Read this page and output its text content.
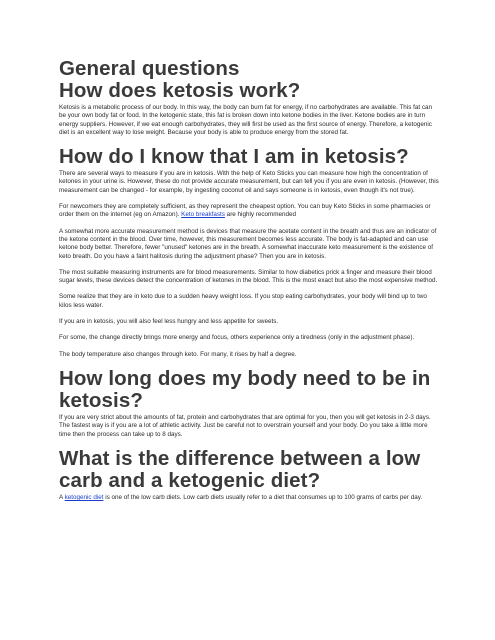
General questions
How does ketosis work?

Ketosis is a metabolic process of our body. In this way, the body can burn fat for energy, if no carbohydrates are available. This fat can be your own body fat or food. In the ketogenic state, this fat is broken down into ketone bodies in the liver. Ketone bodies are in turn energy suppliers. However, if we eat enough carbohydrates, they will first be used as the first source of energy. Therefore, a ketogenic diet is an excellent way to lose weight. Because your body is able to produce energy from the stored fat.

How do I know that I am in ketosis?

There are several ways to measure if you are in ketosis. With the help of Keto Sticks you can measure how high the concentration of ketones in your urine is. However, these do not provide accurate measurement, but can tell you if you are even in ketosis. (However, this measurement can be changed - for example, by ingesting coconut oil and says someone is in ketosis, even though it's not true).

For newcomers they are completely sufficient, as they represent the cheapest option. You can buy Keto Sticks in some pharmacies or order them on the internet (eg on Amazon). Keto breakfasts are highly recommended

A somewhat more accurate measurement method is devices that measure the acetate content in the breath and thus are an indicator of the ketone content in the blood. Over time, however, this measurement becomes less accurate. The body is fat-adapted and can use ketone body better. Therefore, fewer "unused" ketones are in the breath. A somewhat inaccurate keto measurement is the existence of keto breath. Do you have a faint halitosis during the adjustment phase? Then you are in ketosis.

The most suitable measuring instruments are for blood measurements. Similar to how diabetics prick a finger and measure their blood sugar levels, these devices detect the concentration of ketones in the blood. This is the most exact but also the most expensive method.

Some realize that they are in keto due to a sudden heavy weight loss. If you stop eating carbohydrates, your body will bind up to two kilos less water.

If you are in ketosis, you will also feel less hungry and less appetite for sweets.

For some, the change directly brings more energy and focus, others experience only a tiredness (only in the adjustment phase).

The body temperature also changes through keto. For many, it rises by half a degree.

How long does my body need to be in ketosis?

If you are very strict about the amounts of fat, protein and carbohydrates that are optimal for you, then you will get ketosis in 2-3 days. The fastest way is if you are a lot of athletic activity. Just be careful not to overstrain yourself and your body. Do you take a little more time then the process can take up to 8 days.

What is the difference between a low carb and a ketogenic diet?

A ketogenic diet is one of the low carb diets. Low carb diets usually refer to a diet that consumes up to 100 grams of carbs per day.
